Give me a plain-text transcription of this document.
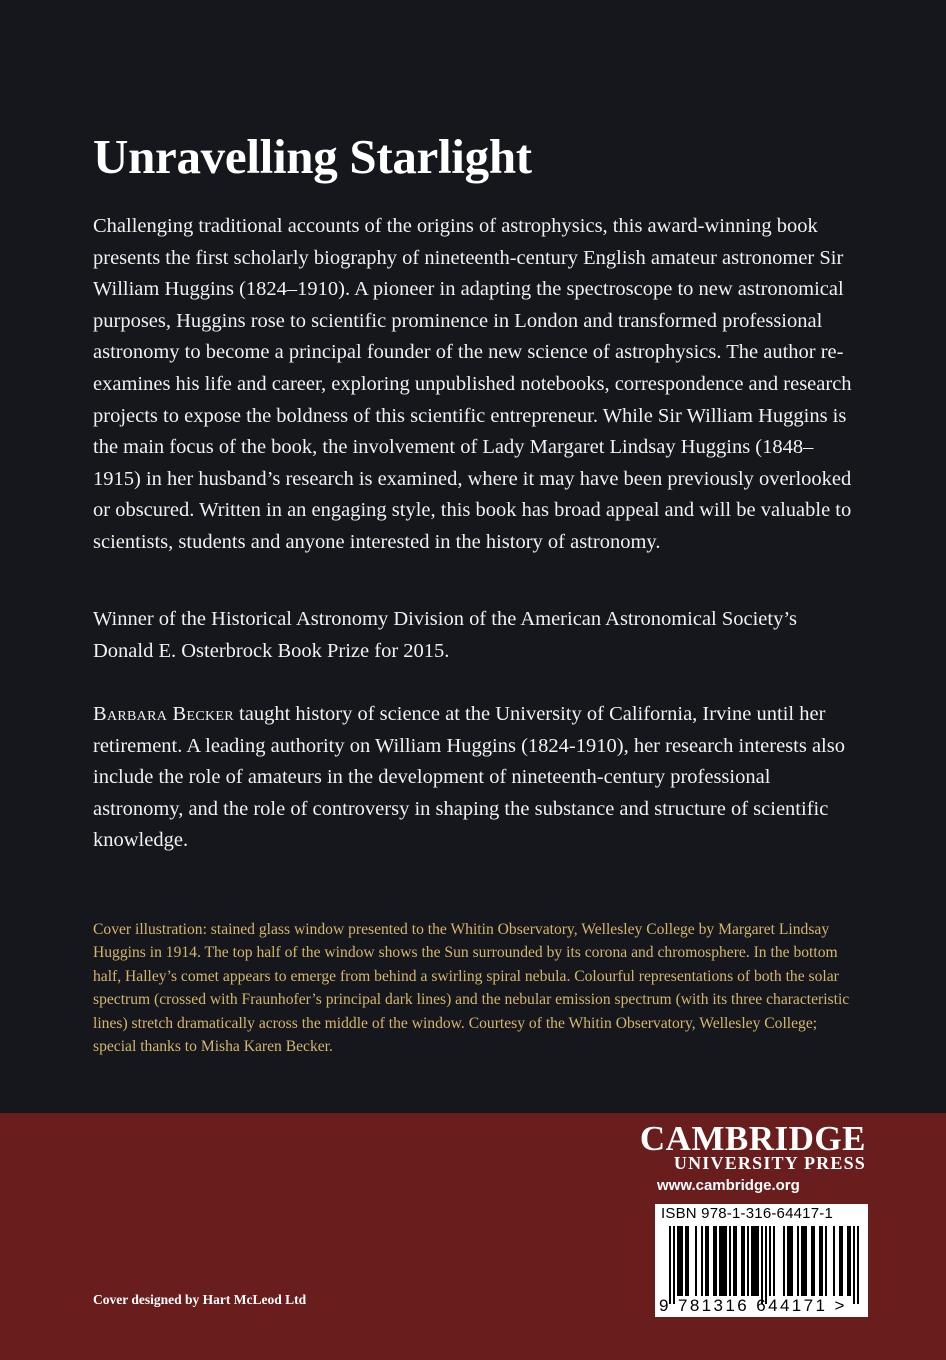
Unravelling Starlight

Challenging traditional accounts of the origins of astrophysics, this award-winning book presents the first scholarly biography of nineteenth-century English amateur astronomer Sir William Huggins (1824–1910). A pioneer in adapting the spectroscope to new astronomical purposes, Huggins rose to scientific prominence in London and transformed professional astronomy to become a principal founder of the new science of astrophysics. The author re-examines his life and career, exploring unpublished notebooks, correspondence and research projects to expose the boldness of this scientific entrepreneur. While Sir William Huggins is the main focus of the book, the involvement of Lady Margaret Lindsay Huggins (1848–1915) in her husband’s research is examined, where it may have been previously overlooked or obscured. Written in an engaging style, this book has broad appeal and will be valuable to scientists, students and anyone interested in the history of astronomy.

Winner of the Historical Astronomy Division of the American Astronomical Society’s Donald E. Osterbrock Book Prize for 2015.

Barbara Becker taught history of science at the University of California, Irvine until her retirement. A leading authority on William Huggins (1824-1910), her research interests also include the role of amateurs in the development of nineteenth-century professional astronomy, and the role of controversy in shaping the substance and structure of scientific knowledge.

Cover illustration: stained glass window presented to the Whitin Observatory, Wellesley College by Margaret Lindsay Huggins in 1914. The top half of the window shows the Sun surrounded by its corona and chromosphere. In the bottom half, Halley’s comet appears to emerge from behind a swirling spiral nebula. Colourful representations of both the solar spectrum (crossed with Fraunhofer’s principal dark lines) and the nebular emission spectrum (with its three characteristic lines) stretch dramatically across the middle of the window. Courtesy of the Whitin Observatory, Wellesley College; special thanks to Misha Karen Becker.

CAMBRIDGE

UNIVERSITY PRESS

www.cambridge.org

ISBN 978-1-316-64417-1

9 781316 644171 >

Cover designed by Hart McLeod Ltd
